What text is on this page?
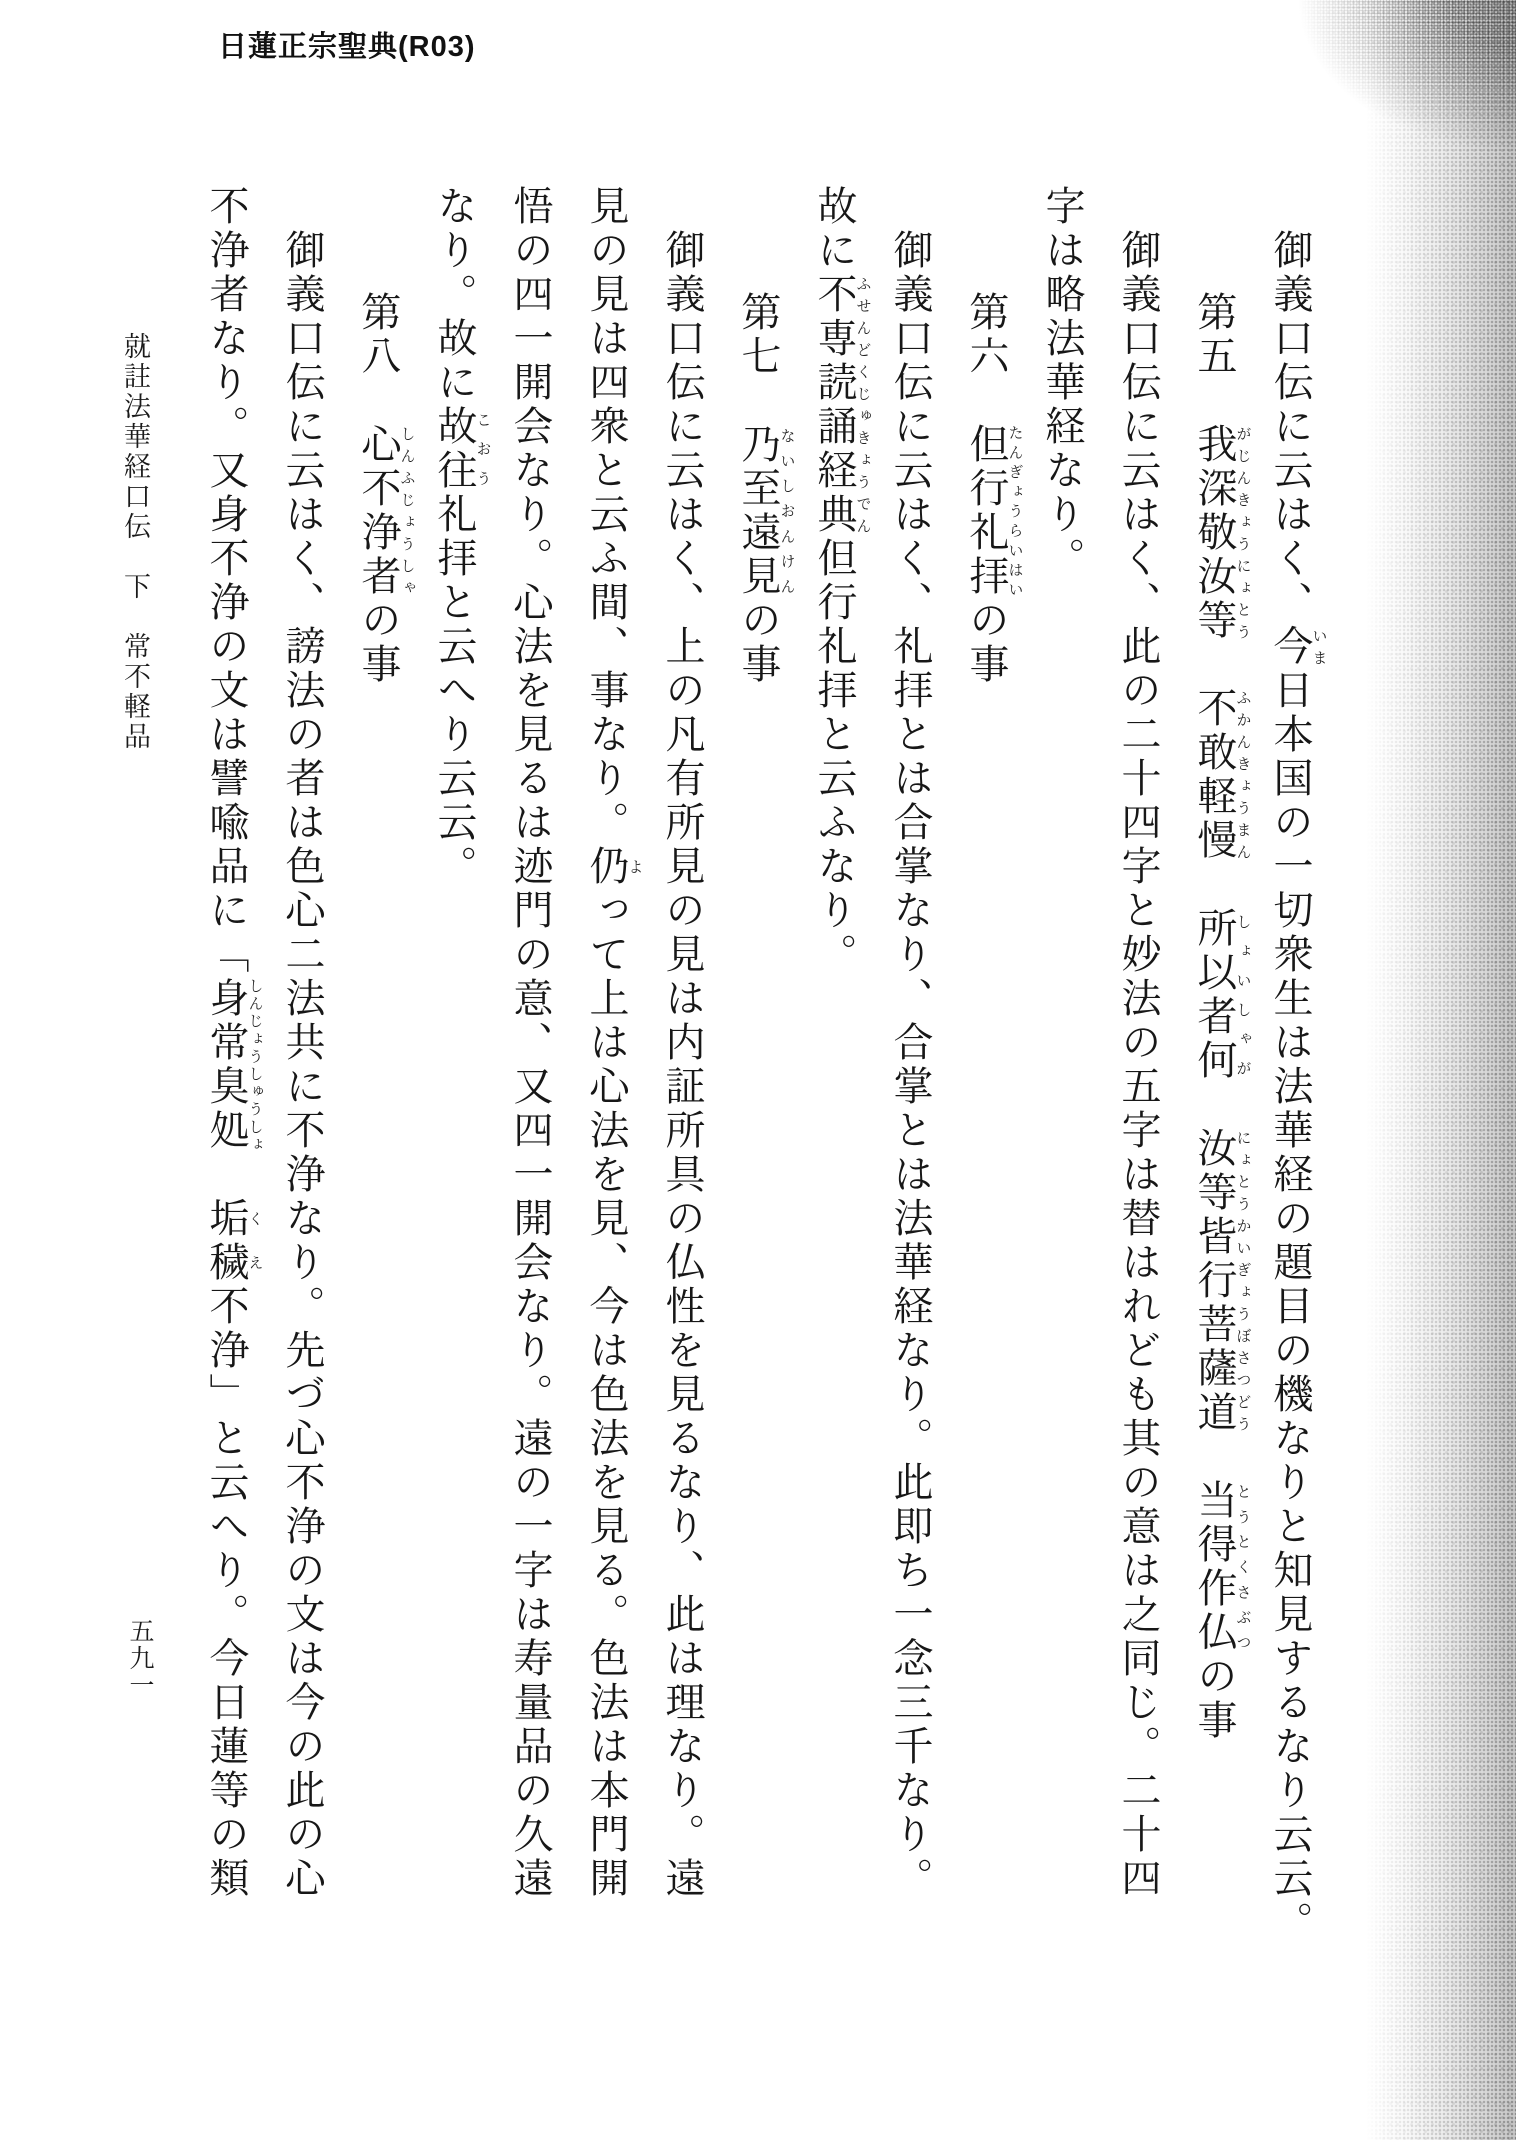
日蓮正宗聖典(R03)

御義口伝に云はく、今いま日本国の一切衆生は法華経の題目の機なりと知見するなり云云。

第五　我深敬汝等がじんきょうにょとう　不敢軽慢ふかんきょうまん　所以者何しょいしゃが　汝等皆行菩薩道にょとうかいぎょうぼさつどう　当得作仏とうとくさぶつの事

御義口伝に云はく、此の二十四字と妙法の五字は替はれども其の意は之同じ。二十四

字は略法華経なり。

第六　但行礼拝たんぎょうらいはいの事

御義口伝に云はく、礼拝とは合掌なり、合掌とは法華経なり。此即ち一念三千なり。

故に不専読誦経典ふせんどくじゅきょうでん但行礼拝と云ふなり。

第七　乃至遠見ないしおんけんの事

御義口伝に云はく、上の凡有所見の見は内証所具の仏性を見るなり、此は理なり。遠

見の見は四衆と云ふ間、事なり。仍よって上は心法を見、今は色法を見る。色法は本門開

悟の四一開会なり。心法を見るは迹門の意、又四一開会なり。遠の一字は寿量品の久遠

なり。故に故往こおう礼拝と云へり云云。

第八　心不浄者しんふじょうしゃの事

御義口伝に云はく、謗法の者は色心二法共に不浄なり。先づ心不浄の文は今の此の心

不浄者なり。又身不浄の文は譬喩品に「身常臭処しんじょうしゅうしょ　垢穢くえ不浄」と云へり。今日蓮等の類

就註法華経口伝　下　常不軽品
五九一
